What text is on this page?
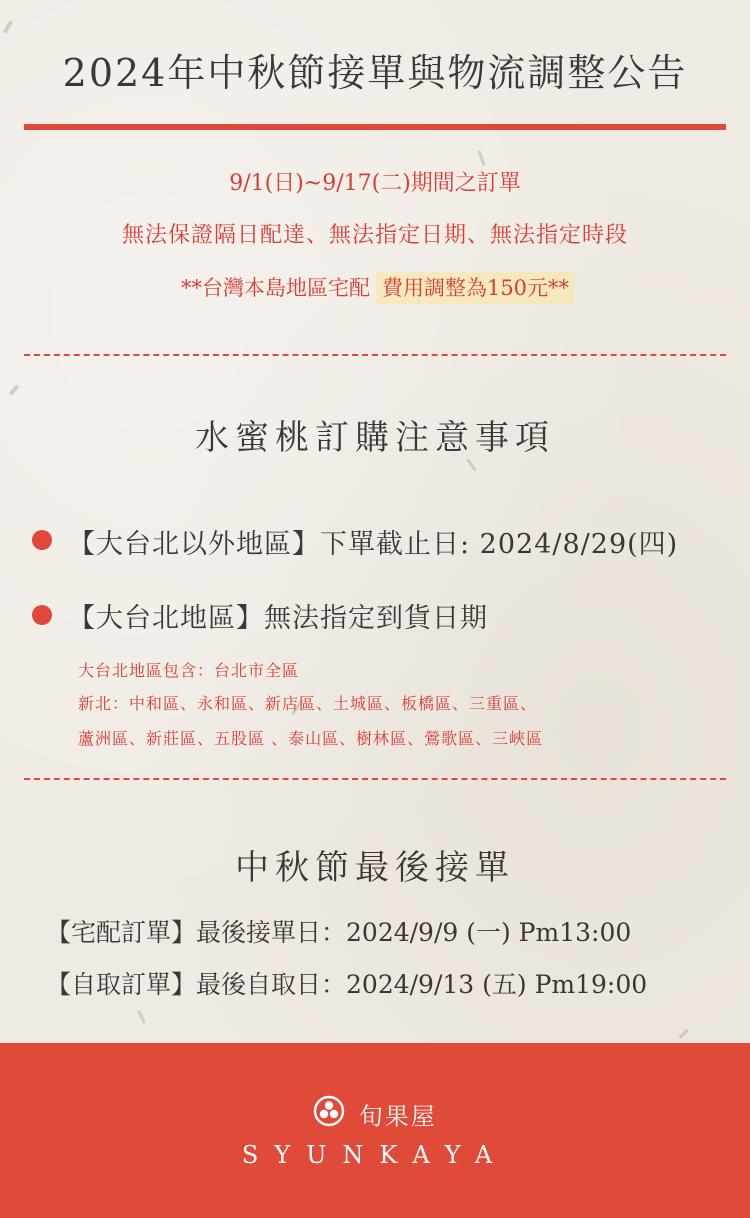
2024年中秋節接單與物流調整公告
9/1(日)~9/17(二)期間之訂單
無法保證隔日配達、無法指定日期、無法指定時段
**台灣本島地區宅配 費用調整為150元**
水蜜桃訂購注意事項
【大台北以外地區】下單截止日: 2024/8/29(四)
【大台北地區】無法指定到貨日期
大台北地區包含：台北市全區
新北：中和區、永和區、新店區、土城區、板橋區、三重區、
蘆洲區、新莊區、五股區 、泰山區、樹林區、鶯歌區、三峽區
中秋節最後接單
【宅配訂單】最後接單日：2024/9/9 (一) Pm13:00
【自取訂單】最後自取日：2024/9/13 (五) Pm19:00
旬果屋
SYUNKAYA
